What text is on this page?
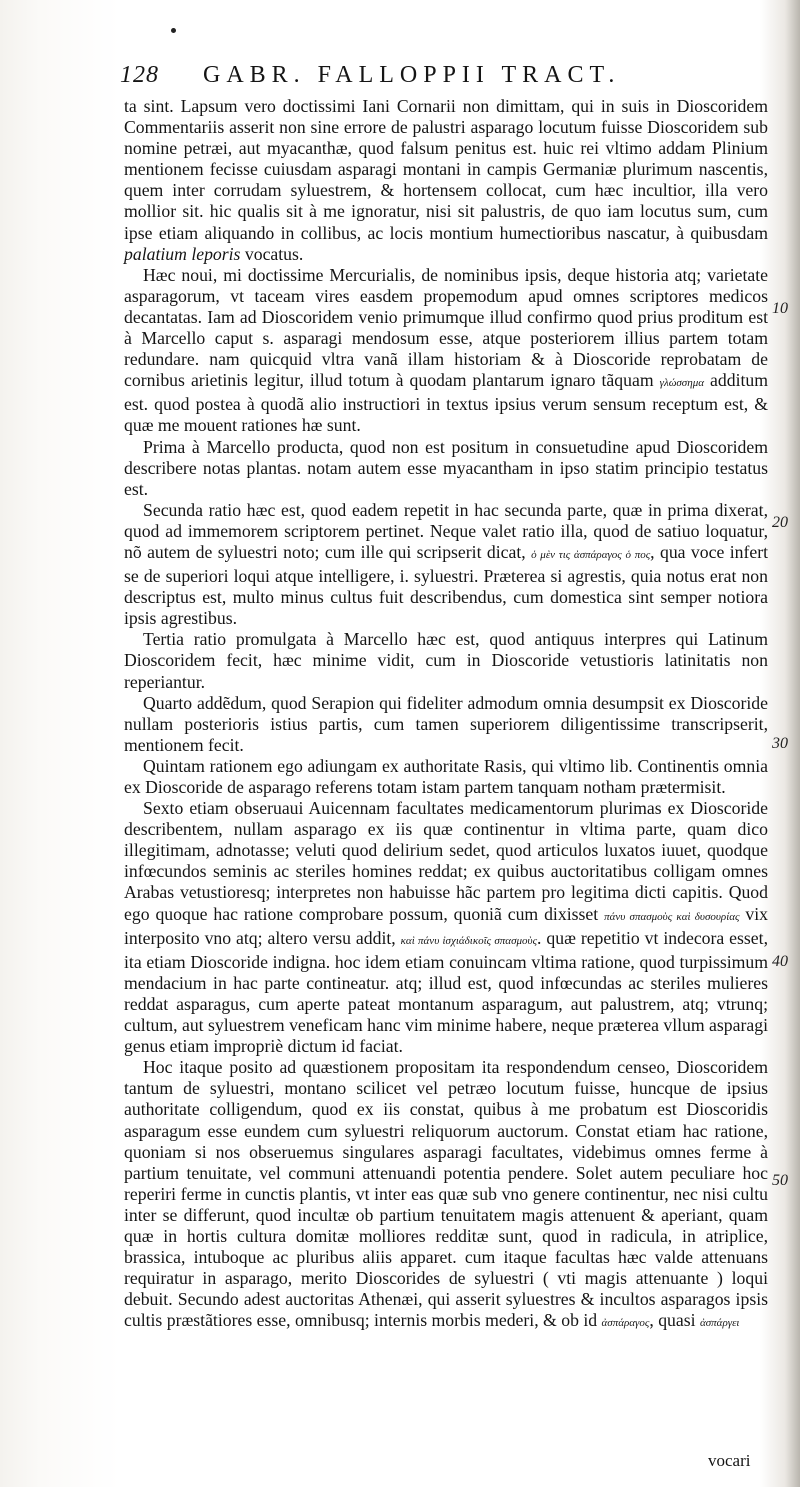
128 GABR. FALLOPPII TRACT.

ta sint. Lapsum vero doctissimi Iani Cornarii non dimittam, qui in suis in Dioscoridem Commentariis asserit non sine errore de palustri asparago locutum fuisse Dioscoridem sub nomine petræi, aut myacanthæ, quod falsum penitus est. huic rei vltimo addam Plinium mentionem fecisse cuiusdam asparagi montani in campis Germaniæ plurimum nascentis, quem inter corrudam syluestrem, & hortensem collocat, cum hæc incultior, illa vero mollior sit. hic qualis sit à me ignoratur, nisi sit palustris, de quo iam locutus sum, cum ipse etiam aliquando in collibus, ac locis montium humectioribus nascatur, à quibusdam palatium leporis vocatus.

Hæc noui, mi doctissime Mercurialis, de nominibus ipsis, deque historia atq; varietate asparagorum, vt taceam vires easdem propemodum apud omnes scriptores medicos decantatas. Iam ad Dioscoridem venio primumque illud confirmo quod prius proditum est à Marcello caput s. asparagi mendosum esse, atque posteriorem illius partem totam redundare. nam quicquid vltra vanã illam historiam & à Dioscoride reprobatam de cornibus arietinis legitur, illud totum à quodam plantarum ignaro tãquam γλώσσημα additum est. quod postea à quodã alio instructiori in textus ipsius verum sensum receptum est, & quæ me mouent rationes hæ sunt.

Prima à Marcello producta, quod non est positum in consuetudine apud Dioscoridem describere notas plantas. notam autem esse myacantham in ipso statim principio testatus est.

Secunda ratio hæc est, quod eadem repetit in hac secunda parte, quæ in prima dixerat, quod ad immemorem scriptorem pertinet. Neque valet ratio illa, quod de satiuo loquatur, nõ autem de syluestri noto; cum ille qui scripserit dicat, ὁ μὲν τις ἀσπάραγος ὁ πος, qua voce infert se de superiori loqui atque intelligere, i. syluestri. Præterea si agrestis, quia notus erat non descriptus est, multo minus cultus fuit describendus, cum domestica sint semper notiora ipsis agrestibus.

Tertia ratio promulgata à Marcello hæc est, quod antiquus interpres qui Latinum Dioscoridem fecit, hæc minime vidit, cum in Dioscoride vetustioris latinitatis non reperiantur.

Quarto addẽdum, quod Serapion qui fideliter admodum omnia desumpsit ex Dioscoride nullam posterioris istius partis, cum tamen superiorem diligentissime transcripserit, mentionem fecit.

Quintam rationem ego adiungam ex authoritate Rasis, qui vltimo lib. Continentis omnia ex Dioscoride de asparago referens totam istam partem tanquam notham prætermisit.

Sexto etiam obseruaui Auicennam facultates medicamentorum plurimas ex Dioscoride describentem, nullam asparago ex iis quæ continentur in vltima parte, quam dico illegitimam, adnotasse; veluti quod delirium sedet, quod articulos luxatos iuuet, quodque infœcundos seminis ac steriles homines reddat; ex quibus auctoritatibus colligam omnes Arabas vetustioresq; interpretes non habuisse hãc partem pro legitima dicti capitis. Quod ego quoque hac ratione comprobare possum, quoniã cum dixisset πάνυ σπασμοὺς καὶ δυσουρίας vix interposito vno atq; altero versu addit, καὶ πάνυ ἰσχιάδικοῖς σπασμοὺς. quæ repetitio vt indecora esset, ita etiam Dioscoride indigna. hoc idem etiam conuincam vltima ratione, quod turpissimum mendacium in hac parte contineatur. atq; illud est, quod infœcundas ac steriles mulieres reddat asparagus, cum aperte pateat montanum asparagum, aut palustrem, atq; vtrunq; cultum, aut syluestrem veneficam hanc vim minime habere, neque præterea vllum asparagi genus etiam impropriè dictum id faciat.

Hoc itaque posito ad quæstionem propositam ita respondendum censeo, Dioscoridem tantum de syluestri, montano scilicet vel petræo locutum fuisse, huncque de ipsius authoritate colligendum, quod ex iis constat, quibus à me probatum est Dioscoridis asparagum esse eundem cum syluestri reliquorum auctorum. Constat etiam hac ratione, quoniam si nos obseruemus singulares asparagi facultates, videbimus omnes ferme à partium tenuitate, vel communi attenuandi potentia pendere. Solet autem peculiare hoc reperiri ferme in cunctis plantis, vt inter eas quæ sub vno genere continentur, nec nisi cultu inter se differunt, quod incultæ ob partium tenuitatem magis attenuent & aperiant, quam quæ in hortis cultura domitæ molliores redditæ sunt, quod in radicula, in atriplice, brassica, intuboque ac pluribus aliis apparet. cum itaque facultas hæc valde attenuans requiratur in asparago, merito Dioscorides de syluestri ( vti magis attenuante ) loqui debuit. Secundo adest auctoritas Athenæi, qui asserit syluestres & incultos asparagos ipsis cultis præstãtiores esse, omnibusq; internis morbis mederi, & ob id ἀσπάραγος, quasi ἀσπάργει

10
20
30
40
50
vocari
